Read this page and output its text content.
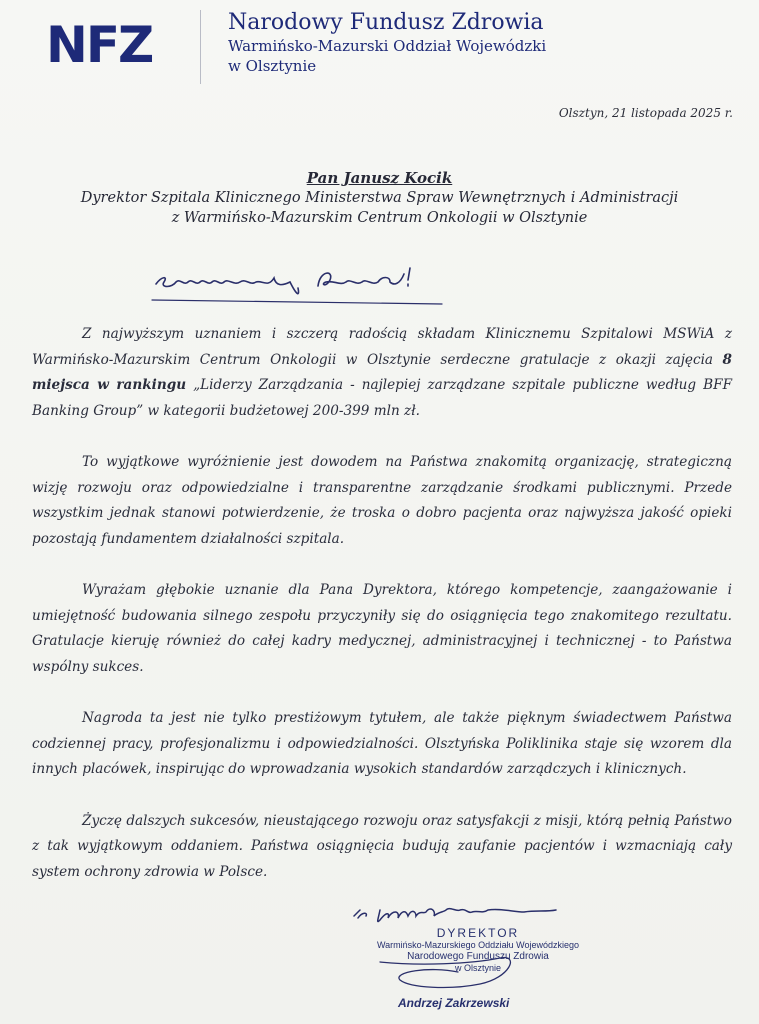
NFZ	Narodowy Fundusz Zdrowia
Warmińsko-Mazurski Oddział Wojewódzki
w Olsztynie
Olsztyn, 21 listopada 2025 r.
Pan Janusz Kocik
Dyrektor Szpitala Klinicznego Ministerstwa Spraw Wewnętrznych i Administracji
z Warmińsko-Mazurskim Centrum Onkologii w Olsztynie

Z najwyższym uznaniem i szczerą radością składam Klinicznemu Szpitalowi MSWiA z Warmińsko-Mazurskim Centrum Onkologii w Olsztynie serdeczne gratulacje z okazji zajęcia 8 miejsca w rankingu „Liderzy Zarządzania - najlepiej zarządzane szpitale publiczne według BFF Banking Group” w kategorii budżetowej 200-399 mln zł.

To wyjątkowe wyróżnienie jest dowodem na Państwa znakomitą organizację, strategiczną wizję rozwoju oraz odpowiedzialne i transparentne zarządzanie środkami publicznymi. Przede wszystkim jednak stanowi potwierdzenie, że troska o dobro pacjenta oraz najwyższa jakość opieki pozostają fundamentem działalności szpitala.

Wyrażam głębokie uznanie dla Pana Dyrektora, którego kompetencje, zaangażowanie i umiejętność budowania silnego zespołu przyczyniły się do osiągnięcia tego znakomitego rezultatu. Gratulacje kieruję również do całej kadry medycznej, administracyjnej i technicznej - to Państwa wspólny sukces.

Nagroda ta jest nie tylko prestiżowym tytułem, ale także pięknym świadectwem Państwa codziennej pracy, profesjonalizmu i odpowiedzialności. Olsztyńska Poliklinika staje się wzorem dla innych placówek, inspirując do wprowadzania wysokich standardów zarządczych i klinicznych.

Życzę dalszych sukcesów, nieustającego rozwoju oraz satysfakcji z misji, którą pełnią Państwo z tak wyjątkowym oddaniem. Państwa osiągnięcia budują zaufanie pacjentów i wzmacniają cały system ochrony zdrowia w Polsce.

DYREKTOR
Warmińsko-Mazurskiego Oddziału Wojewódzkiego
Narodowego Funduszu Zdrowia
w Olsztynie
Andrzej Zakrzewski
